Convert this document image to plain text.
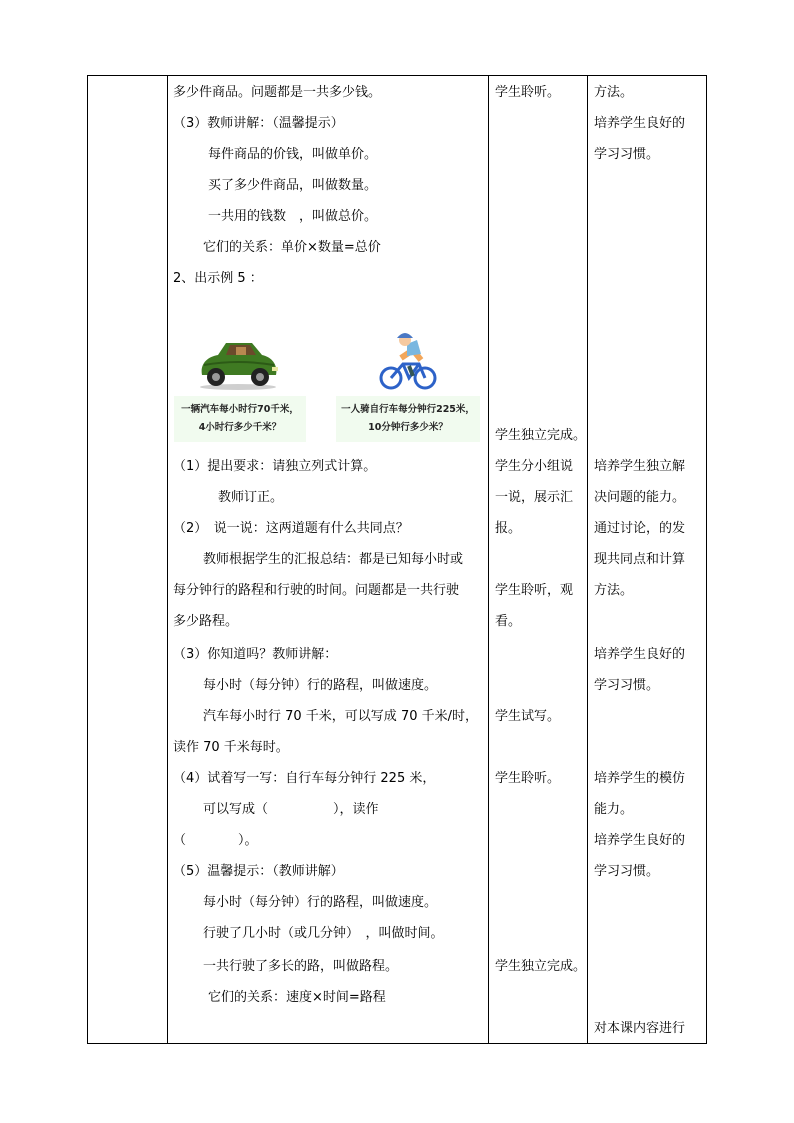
多少件商品。问题都是一共多少钱。
（3）教师讲解：（温馨提示）
每件商品的价钱，叫做单价。
买了多少件商品，叫做数量。
一共用的钱数　，叫做总价。
它们的关系：单价×数量=总价
2、出示例 5 ：
一辆汽车每小时行70千米，
4小时行多少千米？
一人骑自行车每分钟行225米，
10分钟行多少米？
（1）提出要求：请独立列式计算。
教师订正。
（2）　说一说：这两道题有什么共同点？
教师根据学生的汇报总结：都是已知每小时或
每分钟行的路程和行驶的时间。问题都是一共行驶
多少路程。
（3）你知道吗？教师讲解：
每小时（每分钟）行的路程，叫做速度。
汽车每小时行 70 千米，可以写成 70 千米/时，
读作 70 千米每时。
（4）试着写一写：自行车每分钟行 225 米，
可以写成（　　　　　），读作
（　　　　）。
（5）温馨提示：（教师讲解）
每小时（每分钟）行的路程，叫做速度。
行驶了几小时（或几分钟）　，叫做时间。
一共行驶了多长的路，叫做路程。
它们的关系：速度×时间=路程
学生聆听。
学生独立完成。
学生分小组说
一说，展示汇
报。
学生聆听，观
看。
学生试写。
学生聆听。
学生独立完成。
方法。
培养学生良好的
学习习惯。
培养学生独立解
决问题的能力。
通过讨论，的发
现共同点和计算
方法。
培养学生良好的
学习习惯。
培养学生的模仿
能力。
培养学生良好的
学习习惯。
对本课内容进行
